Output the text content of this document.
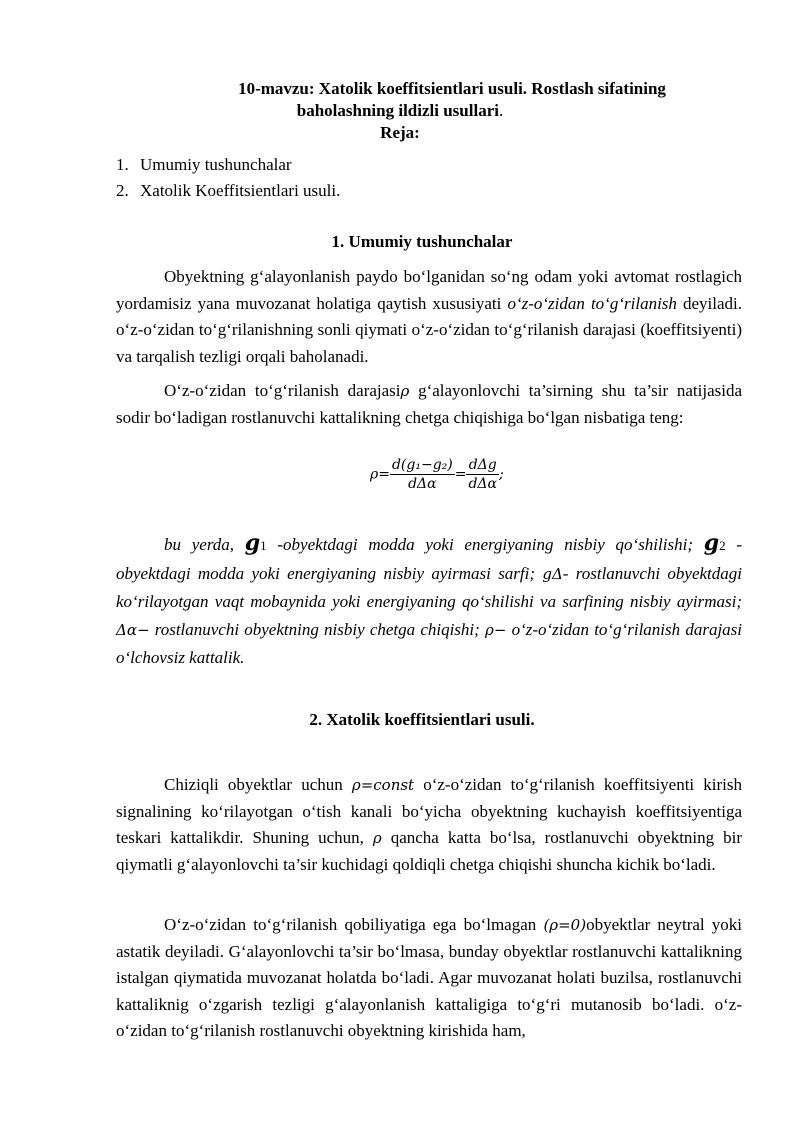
10-mavzu: Xatolik koeffitsientlari usuli. Rostlash sifatining
baholashning ildizli usullari.
Reja:
1. Umumiy tushunchalar
2. Xatolik Koeffitsientlari usuli.
1. Umumiy tushunchalar
Obyektning g‘alayonlanish paydo bo‘lganidan so‘ng odam yoki avtomat rostlagich yordamisiz yana muvozanat holatiga qaytish xususiyati o‘z-o‘zidan to‘g‘rilanish deyiladi. o‘z-o‘zidan to‘g‘rilanishning sonli qiymati o‘z-o‘zidan to‘g‘rilanish darajasi (koeffitsiyenti) va tarqalish tezligi orqali baholanadi.
O‘z-o‘zidan to‘g‘rilanish darajasiρ g‘alayonlovchi ta’sirning shu ta’sir natijasida sodir bo‘ladigan rostlanuvchi kattalikning chetga chiqishiga bo‘lgan nisbatiga teng:
$\rho= \frac{\text{d(g₁−g₂)}}{\text{dΔα}} = \frac{\text{dΔg}}{\text{dΔα}}$ ;
bu yerda, g1 -obyektdagi modda yoki energiyaning nisbiy qo‘shilishi; g2 - obyektdagi modda yoki energiyaning nisbiy ayirmasi sarfi; gΔ- rostlanuvchi obyektdagi ko‘rilayotgan vaqt mobaynida yoki energiyaning qo‘shilishi va sarfining nisbiy ayirmasi; Δα− rostlanuvchi obyektning nisbiy chetga chiqishi; ρ− o‘z-o‘zidan to‘g‘rilanish darajasi o‘lchovsiz kattalik.
2. Xatolik koeffitsientlari usuli.
Chiziqli obyektlar uchun ρ=const o‘z-o‘zidan to‘g‘rilanish koeffitsiyenti kirish signalining ko‘rilayotgan o‘tish kanali bo‘yicha obyektning kuchayish koeffitsiyentiga teskari kattalikdir. Shuning uchun, ρ qancha katta bo‘lsa, rostlanuvchi obyektning bir qiymatli g‘alayonlovchi ta’sir kuchidagi qoldiqli chetga chiqishi shuncha kichik bo‘ladi.
O‘z-o‘zidan to‘g‘rilanish qobiliyatiga ega bo‘lmagan (ρ=0)obyektlar neytral yoki astatik deyiladi. G‘alayonlovchi ta’sir bo‘lmasa, bunday obyektlar rostlanuvchi kattalikning istalgan qiymatida muvozanat holatda bo‘ladi. Agar muvozanat holati buzilsa, rostlanuvchi kattaliknig o‘zgarish tezligi g‘alayonlanish kattaligiga to‘g‘ri mutanosib bo‘ladi. o‘z-o‘zidan to‘g‘rilanish rostlanuvchi obyektning kirishida ham,
